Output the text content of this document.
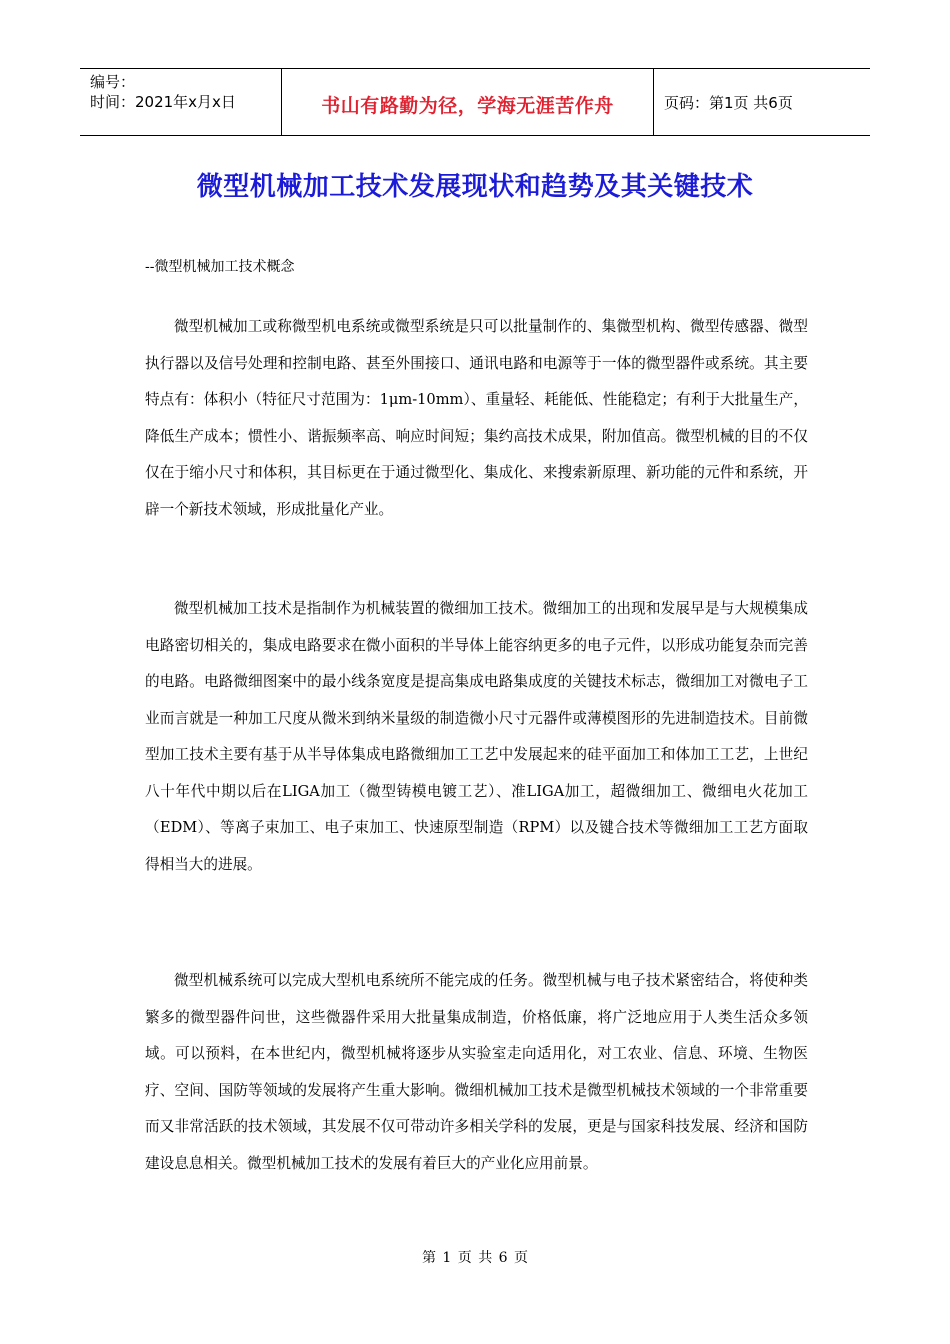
编号：
时间：2021年x月x日	书山有路勤为径，学海无涯苦作舟	页码：第1页 共6页
微型机械加工技术发展现状和趋势及其关键技术
--微型机械加工技术概念

微型机械加工或称微型机电系统或微型系统是只可以批量制作的、集微型机构、微型传感器、微型执行器以及信号处理和控制电路、甚至外围接口、通讯电路和电源等于一体的微型器件或系统。其主要特点有：体积小（特征尺寸范围为：1μm-10mm）、重量轻、耗能低、性能稳定；有利于大批量生产，降低生产成本；惯性小、谐振频率高、响应时间短；集约高技术成果，附加值高。微型机械的目的不仅仅在于缩小尺寸和体积，其目标更在于通过微型化、集成化、来搜索新原理、新功能的元件和系统，开辟一个新技术领域，形成批量化产业。

微型机械加工技术是指制作为机械装置的微细加工技术。微细加工的出现和发展早是与大规模集成电路密切相关的，集成电路要求在微小面积的半导体上能容纳更多的电子元件，以形成功能复杂而完善的电路。电路微细图案中的最小线条宽度是提高集成电路集成度的关键技术标志，微细加工对微电子工业而言就是一种加工尺度从微米到纳米量级的制造微小尺寸元器件或薄模图形的先进制造技术。目前微型加工技术主要有基于从半导体集成电路微细加工工艺中发展起来的硅平面加工和体加工工艺，上世纪八十年代中期以后在LIGA加工（微型铸模电镀工艺）、准LIGA加工，超微细加工、微细电火花加工（EDM）、等离子束加工、电子束加工、快速原型制造（RPM）以及键合技术等微细加工工艺方面取得相当大的进展。

微型机械系统可以完成大型机电系统所不能完成的任务。微型机械与电子技术紧密结合，将使种类繁多的微型器件问世，这些微器件采用大批量集成制造，价格低廉，将广泛地应用于人类生活众多领域。可以预料，在本世纪内，微型机械将逐步从实验室走向适用化，对工农业、信息、环境、生物医疗、空间、国防等领域的发展将产生重大影响。微细机械加工技术是微型机械技术领域的一个非常重要而又非常活跃的技术领域，其发展不仅可带动许多相关学科的发展，更是与国家科技发展、经济和国防建设息息相关。微型机械加工技术的发展有着巨大的产业化应用前景。

第 1 页 共 6 页
